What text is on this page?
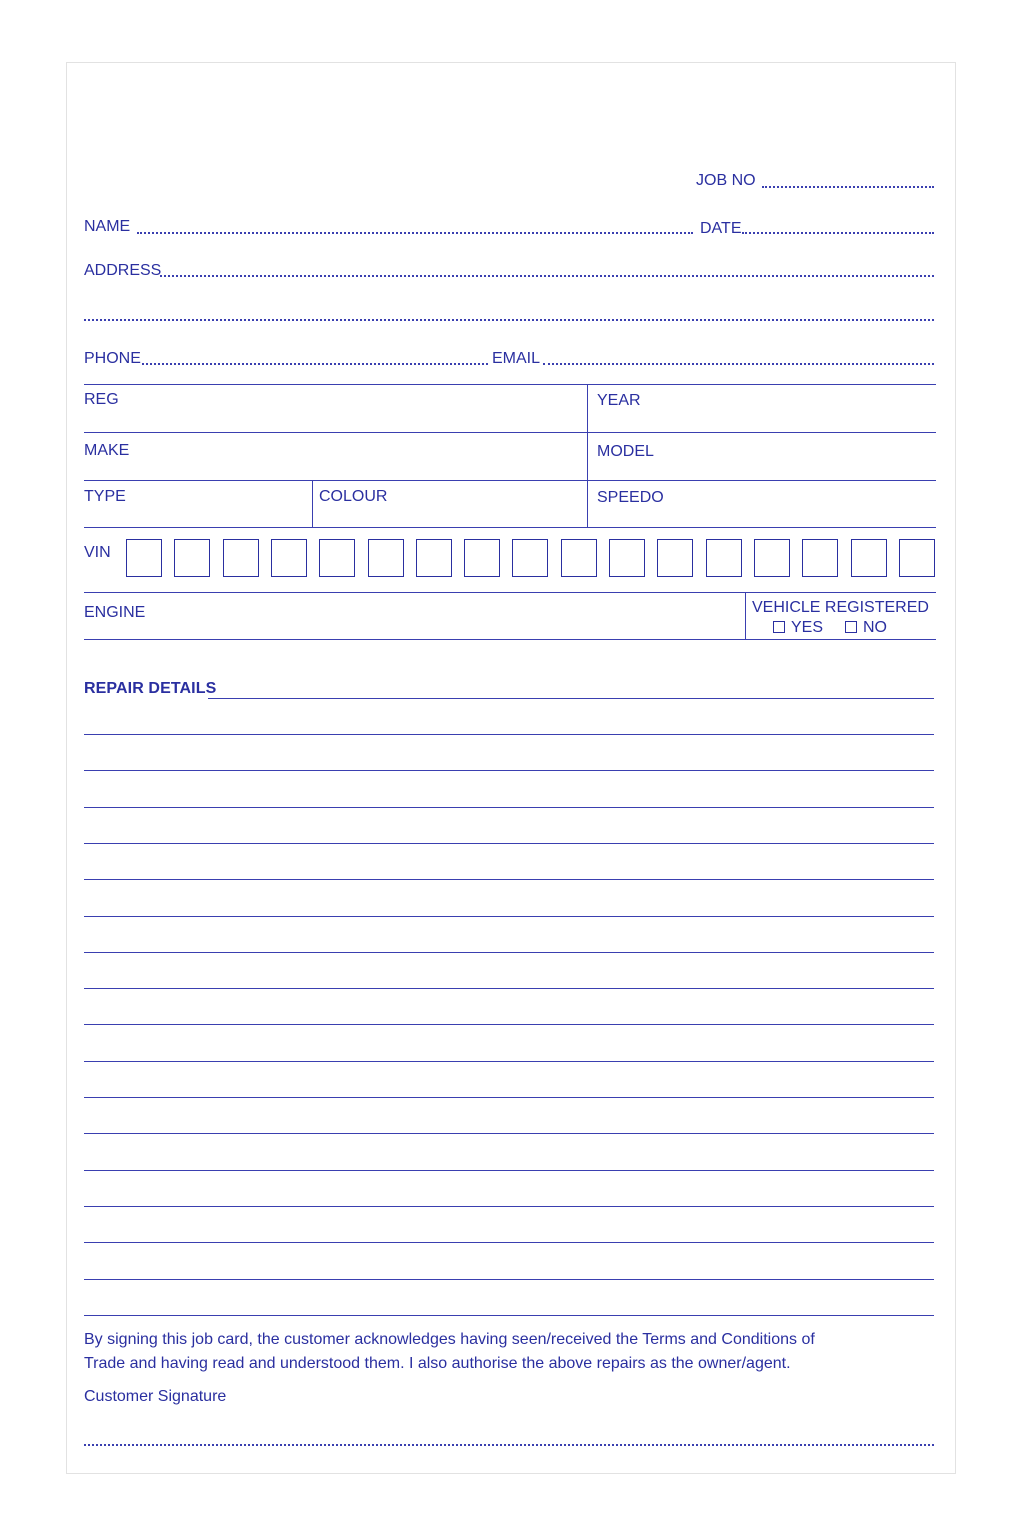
JOB NO
NAME	DATE
ADDRESS
PHONE	EMAIL
REG	YEAR
MAKE	MODEL
TYPE	COLOUR	SPEEDO
VIN
ENGINE	VEHICLE REGISTERED
YES	NO
REPAIR DETAILS
By signing this job card, the customer acknowledges having seen/received the Terms and Conditions of
Trade and having read and understood them. I also authorise the above repairs as the owner/agent.
Customer Signature
